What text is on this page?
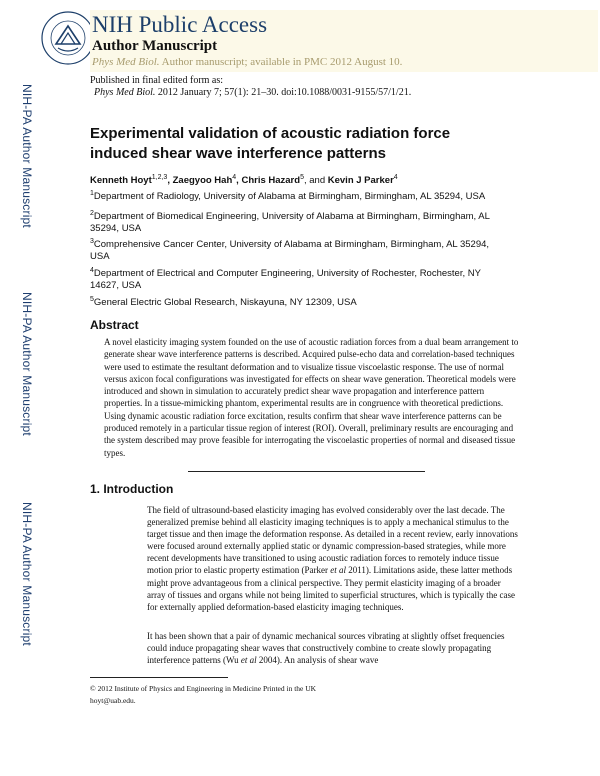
NIH Public Access
Author Manuscript
Phys Med Biol. Author manuscript; available in PMC 2012 August 10.
Published in final edited form as:
Phys Med Biol. 2012 January 7; 57(1): 21–30. doi:10.1088/0031-9155/57/1/21.
NIH-PA Author Manuscript
NIH-PA Author Manuscript
NIH-PA Author Manuscript
Experimental validation of acoustic radiation force induced shear wave interference patterns
Kenneth Hoyt$^{1,2,3}$, Zaegyoo Hah$^4$, Chris Hazard$^5$, and Kevin J Parker$^4$
$^1$Department of Radiology, University of Alabama at Birmingham, Birmingham, AL 35294, USA
$^2$Department of Biomedical Engineering, University of Alabama at Birmingham, Birmingham, AL 35294, USA
$^3$Comprehensive Cancer Center, University of Alabama at Birmingham, Birmingham, AL 35294, USA
$^4$Department of Electrical and Computer Engineering, University of Rochester, Rochester, NY 14627, USA
$^5$General Electric Global Research, Niskayuna, NY 12309, USA
Abstract
A novel elasticity imaging system founded on the use of acoustic radiation forces from a dual beam arrangement to generate shear wave interference patterns is described. Acquired pulse-echo data and correlation-based techniques were used to estimate the resultant deformation and to visualize tissue viscoelastic response. The use of normal versus axicon focal configurations was investigated for effects on shear wave generation. Theoretical models were introduced and shown in simulation to accurately predict shear wave propagation and interference pattern properties. In a tissue-mimicking phantom, experimental results are in congruence with theoretical predictions. Using dynamic acoustic radiation force excitation, results confirm that shear wave interference patterns can be produced remotely in a particular tissue region of interest (ROI). Overall, preliminary results are encouraging and the system described may prove feasible for interrogating the viscoelastic properties of normal and diseased tissue types.
1. Introduction
The field of ultrasound-based elasticity imaging has evolved considerably over the last decade. The generalized premise behind all elasticity imaging techniques is to apply a mechanical stimulus to the target tissue and then image the deformation response. As detailed in a recent review, early innovations were focused around externally applied static or dynamic compression-based strategies, while more recent developments have transitioned to using acoustic radiation forces to remotely induce tissue motion prior to elastic property estimation (Parker et al 2011). Limitations aside, these latter methods might prove advantageous from a clinical perspective. They permit elasticity imaging of a broader array of tissues and organs while not being limited to superficial structures, which is typically the case for externally applied deformation-based elasticity imaging techniques.
It has been shown that a pair of dynamic mechanical sources vibrating at slightly offset frequencies could induce propagating shear waves that constructively combine to create slowly propagating interference patterns (Wu et al 2004). An analysis of shear wave
© 2012 Institute of Physics and Engineering in Medicine Printed in the UK
hoyt@uab.edu.
